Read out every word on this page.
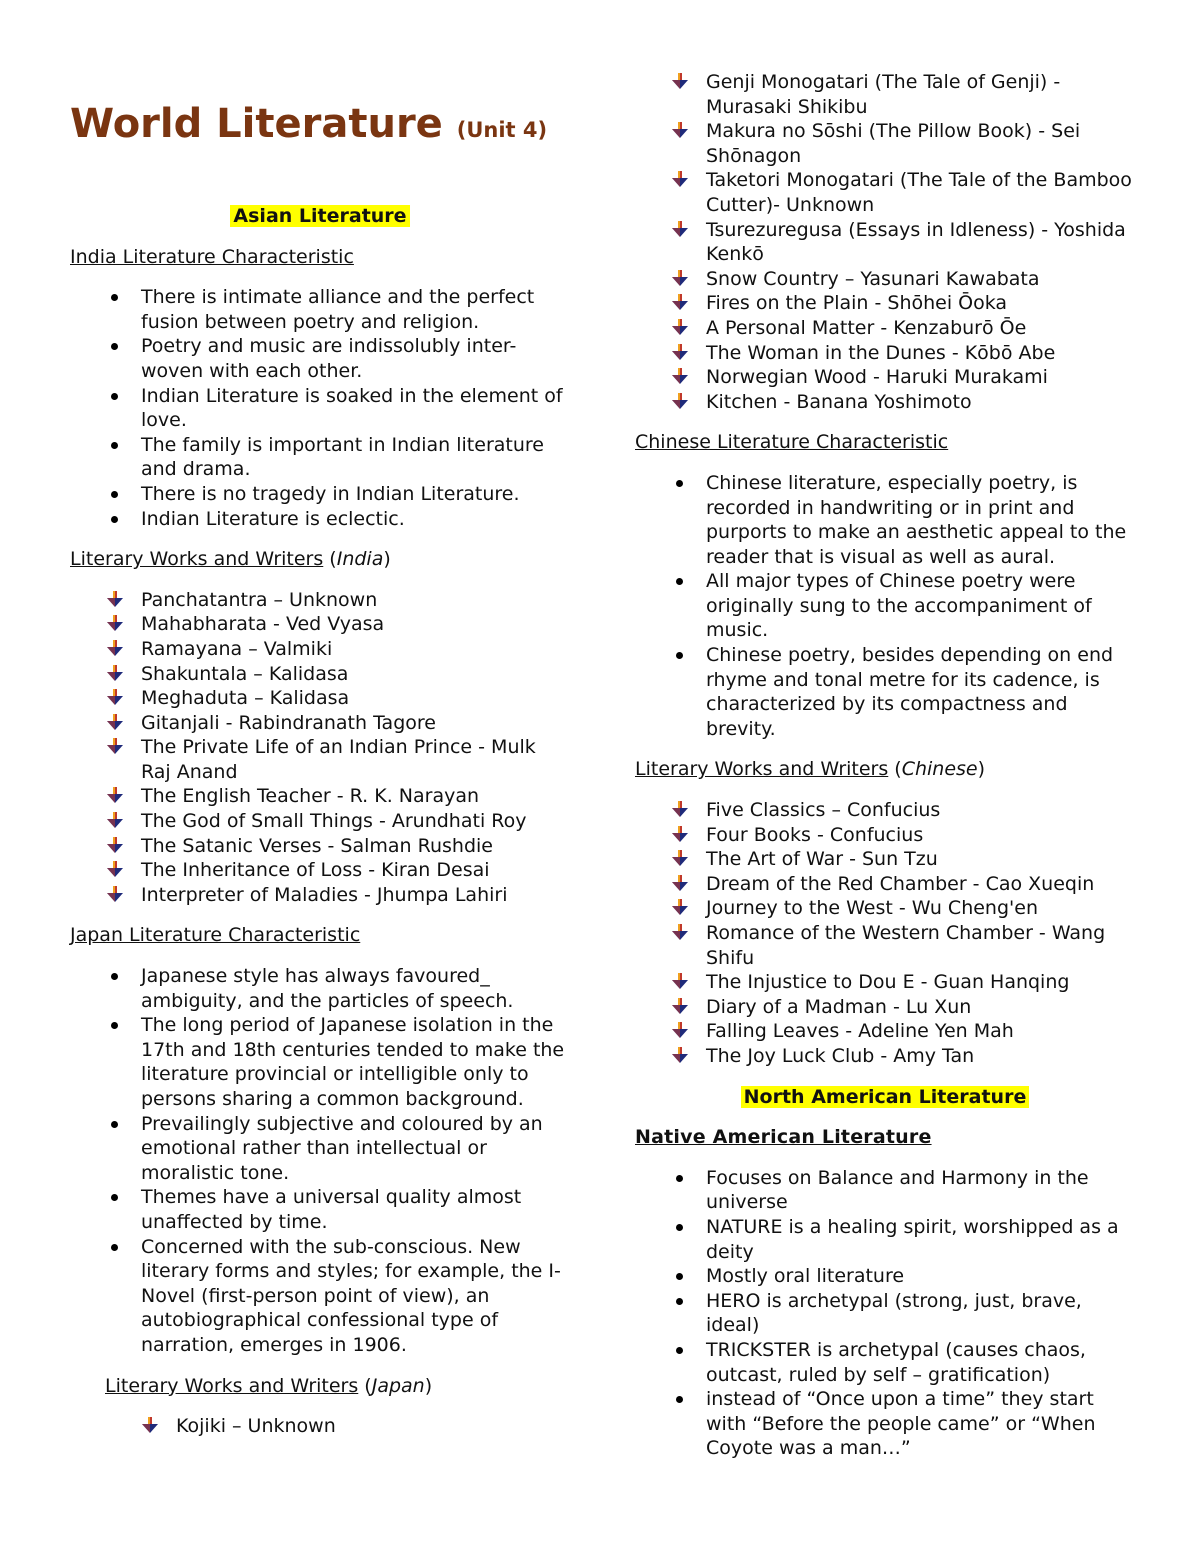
World Literature (Unit 4)
Asian Literature
India Literature Characteristic
There is intimate alliance and the perfect fusion between poetry and religion.
Poetry and music are indissolubly inter-woven with each other.
Indian Literature is soaked in the element of love.
The family is important in Indian literature and drama.
There is no tragedy in Indian Literature.
Indian Literature is eclectic.
Literary Works and Writers (India)
Panchatantra – Unknown
Mahabharata - Ved Vyasa
Ramayana – Valmiki
Shakuntala – Kalidasa
Meghaduta – Kalidasa
Gitanjali - Rabindranath Tagore
The Private Life of an Indian Prince - Mulk Raj Anand
The English Teacher - R. K. Narayan
The God of Small Things - Arundhati Roy
The Satanic Verses - Salman Rushdie
The Inheritance of Loss - Kiran Desai
Interpreter of Maladies - Jhumpa Lahiri
Japan Literature Characteristic
Japanese style has always favoured_ ambiguity, and the particles of speech.
The long period of Japanese isolation in the 17th and 18th centuries tended to make the literature provincial or intelligible only to persons sharing a common background.
Prevailingly subjective and coloured by an emotional rather than intellectual or moralistic tone.
Themes have a universal quality almost unaffected by time.
Concerned with the sub-conscious. New literary forms and styles; for example, the I-Novel (first-person point of view), an autobiographical confessional type of narration, emerges in 1906.
Literary Works and Writers (Japan)
Kojiki – Unknown
Genji Monogatari (The Tale of Genji) - Murasaki Shikibu
Makura no Sōshi (The Pillow Book) - Sei Shōnagon
Taketori Monogatari (The Tale of the Bamboo Cutter)- Unknown
Tsurezuregusa (Essays in Idleness) - Yoshida Kenkō
Snow Country – Yasunari Kawabata
Fires on the Plain - Shōhei Ōoka
A Personal Matter - Kenzaburō Ōe
The Woman in the Dunes - Kōbō Abe
Norwegian Wood - Haruki Murakami
Kitchen - Banana Yoshimoto
Chinese Literature Characteristic
Chinese literature, especially poetry, is recorded in handwriting or in print and purports to make an aesthetic appeal to the reader that is visual as well as aural.
All major types of Chinese poetry were originally sung to the accompaniment of music.
Chinese poetry, besides depending on end rhyme and tonal metre for its cadence, is characterized by its compactness and brevity.
Literary Works and Writers (Chinese)
Five Classics – Confucius
Four Books - Confucius
The Art of War - Sun Tzu
Dream of the Red Chamber - Cao Xueqin
Journey to the West - Wu Cheng'en
Romance of the Western Chamber - Wang Shifu
The Injustice to Dou E - Guan Hanqing
Diary of a Madman - Lu Xun
Falling Leaves - Adeline Yen Mah
The Joy Luck Club - Amy Tan
North American Literature
Native American Literature
Focuses on Balance and Harmony in the universe
NATURE is a healing spirit, worshipped as a deity
Mostly oral literature
HERO is archetypal (strong, just, brave, ideal)
TRICKSTER is archetypal (causes chaos, outcast, ruled by self – gratification)
instead of “Once upon a time” they start with “Before the people came” or “When Coyote was a man…”
